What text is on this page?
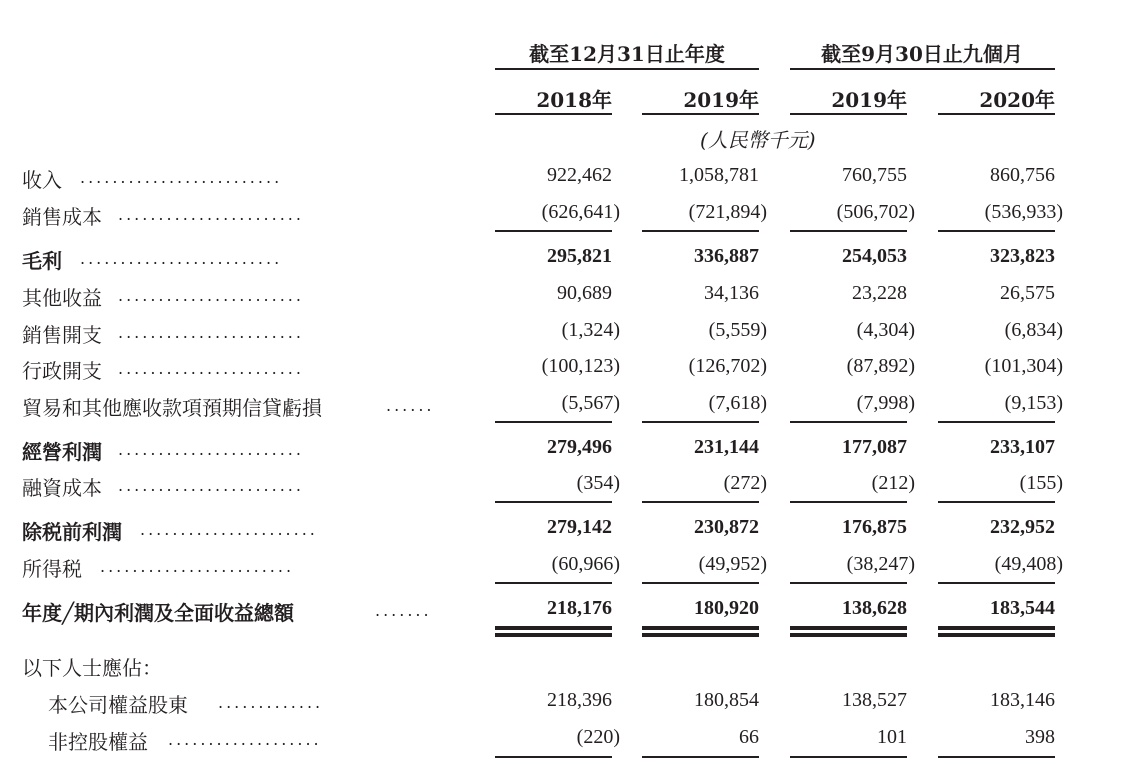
截至12月31日止年度	截至9月30日止九個月
2018年	2019年	2019年	2020年
(人民幣千元)
收入 .........................	922,462	1,058,781	760,755	860,756
銷售成本 .......................	(626,641)	(721,894)	(506,702)	(536,933)
毛利 .........................	295,821	336,887	254,053	323,823
其他收益 .......................	90,689	34,136	23,228	26,575
銷售開支 .......................	(1,324)	(5,559)	(4,304)	(6,834)
行政開支 .......................	(100,123)	(126,702)	(87,892)	(101,304)
貿易和其他應收款項預期信貸虧損	......	(5,567)	(7,618)	(7,998)	(9,153)
經營利潤 .......................	279,496	231,144	177,087	233,107
融資成本 .......................	(354)	(272)	(212)	(155)
除税前利潤 ......................	279,142	230,872	176,875	232,952
所得税 ........................	(60,966)	(49,952)	(38,247)	(49,408)
年度╱期內利潤及全面收益總額	.......	218,176	180,920	138,628	183,544
以下人士應佔：
本公司權益股東 .............	218,396	180,854	138,527	183,146
非控股權益 ...................	(220)	66	101	398
